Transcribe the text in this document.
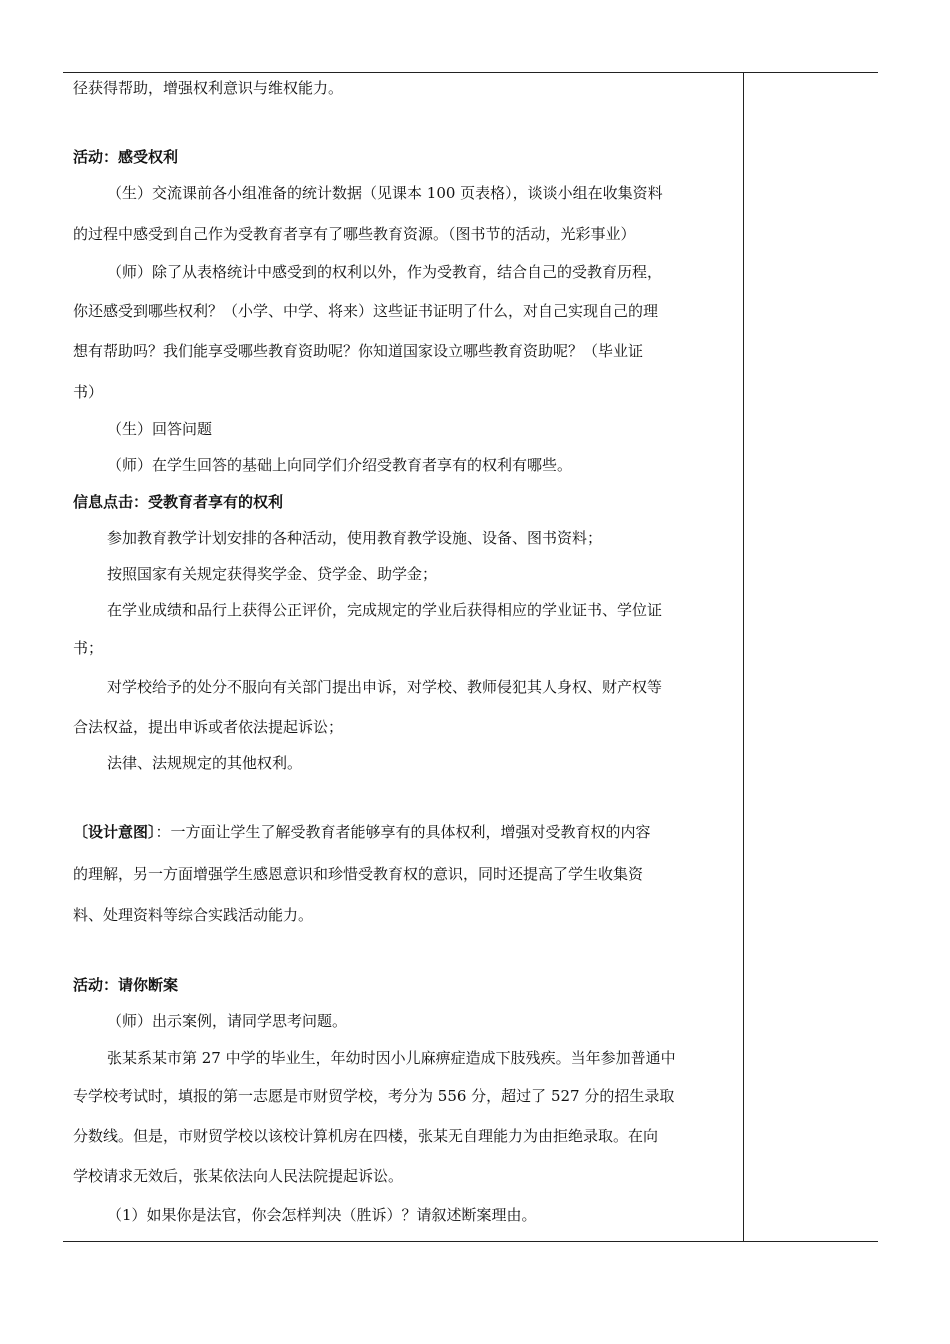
径获得帮助，增强权利意识与维权能力。
活动：感受权利
（生）交流课前各小组准备的统计数据（见课本 100 页表格），谈谈小组在收集资料
的过程中感受到自己作为受教育者享有了哪些教育资源。（图书节的活动，光彩事业）
（师）除了从表格统计中感受到的权利以外，作为受教育，结合自己的受教育历程，
你还感受到哪些权利？（小学、中学、将来）这些证书证明了什么，对自己实现自己的理
想有帮助吗？我们能享受哪些教育资助呢？你知道国家设立哪些教育资助呢？（毕业证
书）
（生）回答问题
（师）在学生回答的基础上向同学们介绍受教育者享有的权利有哪些。
信息点击：受教育者享有的权利
参加教育教学计划安排的各种活动，使用教育教学设施、设备、图书资料；
按照国家有关规定获得奖学金、贷学金、助学金；
在学业成绩和品行上获得公正评价，完成规定的学业后获得相应的学业证书、学位证
书；
对学校给予的处分不服向有关部门提出申诉，对学校、教师侵犯其人身权、财产权等
合法权益，提出申诉或者依法提起诉讼；
法律、法规规定的其他权利。
〔设计意图〕：一方面让学生了解受教育者能够享有的具体权利，增强对受教育权的内容
的理解，另一方面增强学生感恩意识和珍惜受教育权的意识，同时还提高了学生收集资
料、处理资料等综合实践活动能力。
活动：请你断案
（师）出示案例，请同学思考问题。
张某系某市第 27 中学的毕业生，年幼时因小儿麻痹症造成下肢残疾。当年参加普通中
专学校考试时，填报的第一志愿是市财贸学校，考分为 556 分，超过了 527 分的招生录取
分数线。但是，市财贸学校以该校计算机房在四楼，张某无自理能力为由拒绝录取。在向
学校请求无效后，张某依法向人民法院提起诉讼。
（1）如果你是法官，你会怎样判决（胜诉）？请叙述断案理由。
